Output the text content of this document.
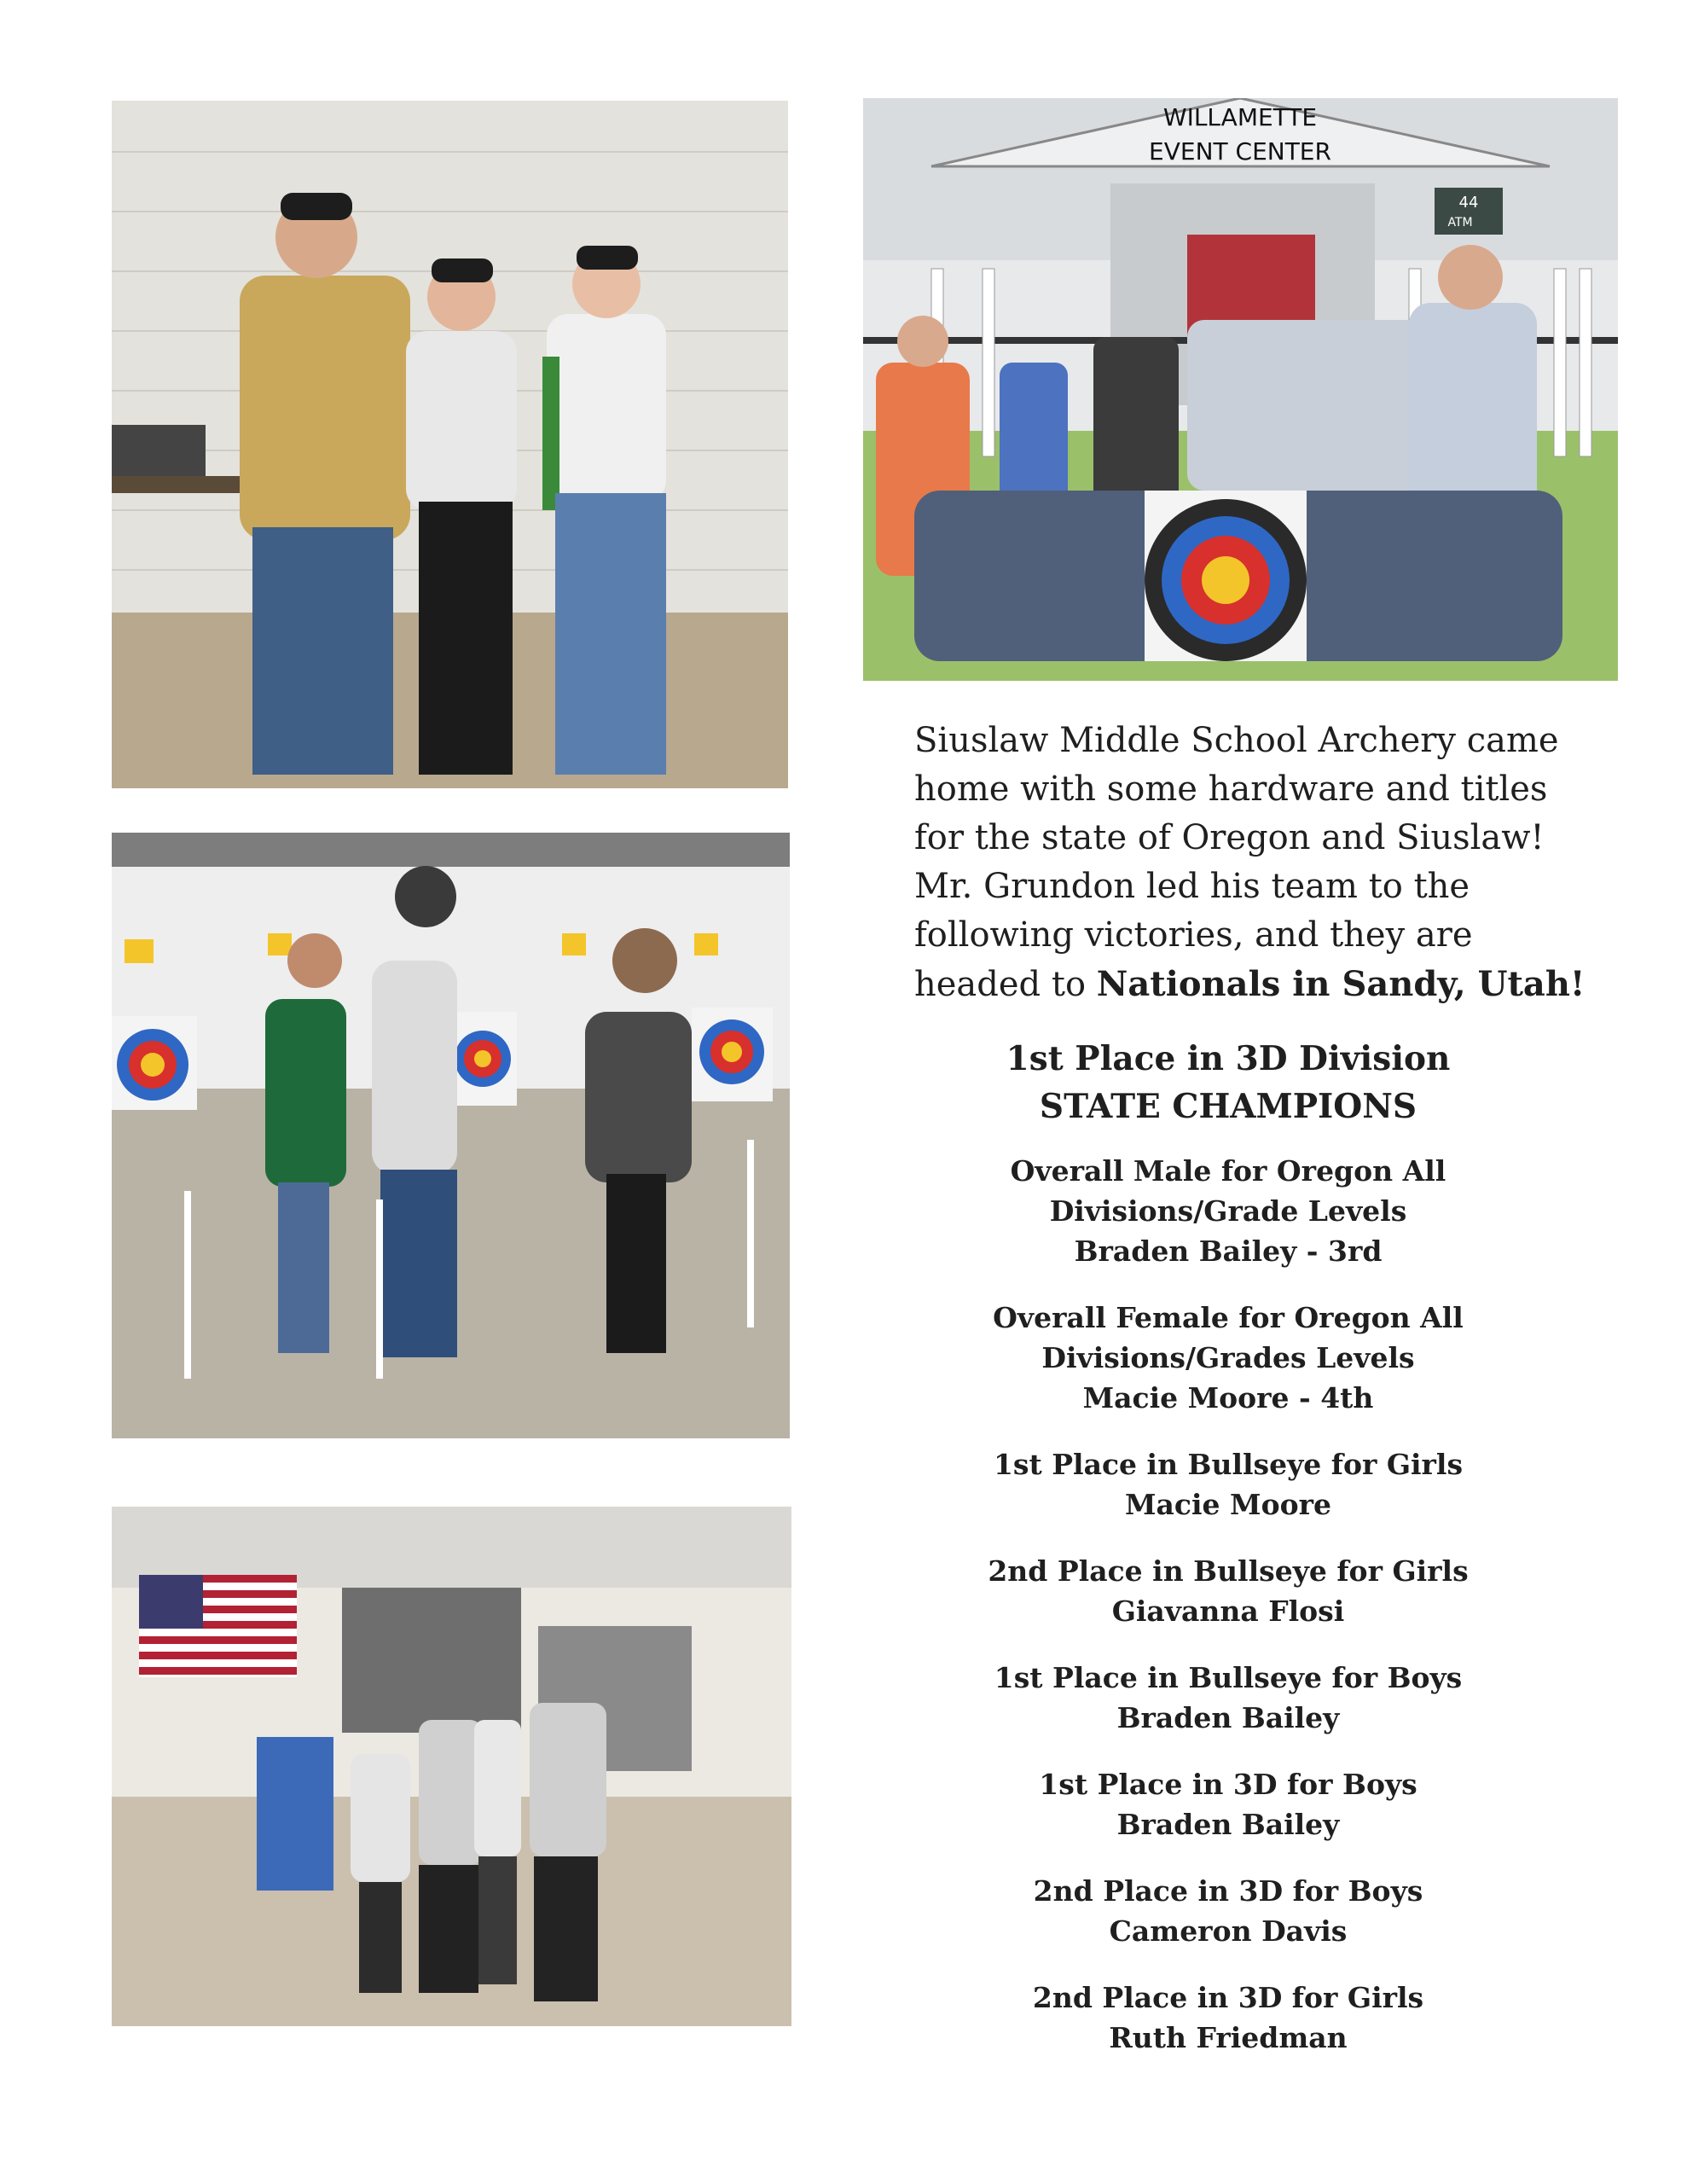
WILLAMETTE
EVENT CENTER
44
ATM

Siuslaw Middle School Archery came home with some hardware and titles for the state of Oregon and Siuslaw! Mr. Grundon led his team to the following victories, and they are headed to Nationals in Sandy, Utah!

1st Place in 3D Division
STATE CHAMPIONS
Overall Male for Oregon All
Divisions/Grade Levels
Braden Bailey - 3rd
Overall Female for Oregon All
Divisions/Grades Levels
Macie Moore - 4th
1st Place in Bullseye for Girls
Macie Moore
2nd Place in Bullseye for Girls
Giavanna Flosi
1st Place in Bullseye for Boys
Braden Bailey
1st Place in 3D for Boys
Braden Bailey
2nd Place in 3D for Boys
Cameron Davis
2nd Place in 3D for Girls
Ruth Friedman
